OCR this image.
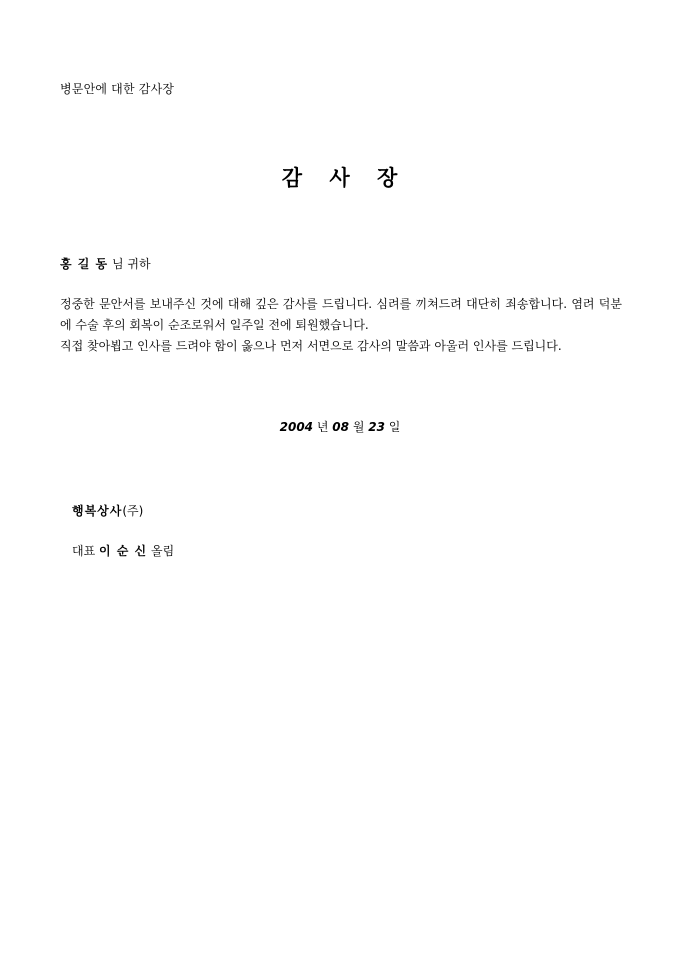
병문안에 대한 감사장
감 사 장
홍 길 동 님 귀하

정중한 문안서를 보내주신 것에 대해 깊은 감사를 드립니다. 심려를 끼쳐드려 대단히 죄송합니다. 염려 덕분에 수술 후의 회복이 순조로워서 일주일 전에 퇴원했습니다.

직접 찾아뵙고 인사를 드려야 함이 옳으나 먼저 서면으로 감사의 말씀과 아울러 인사를 드립니다.

2004 년 08 월 23 일
행복상사(주)
대표 이 순 신 올림
